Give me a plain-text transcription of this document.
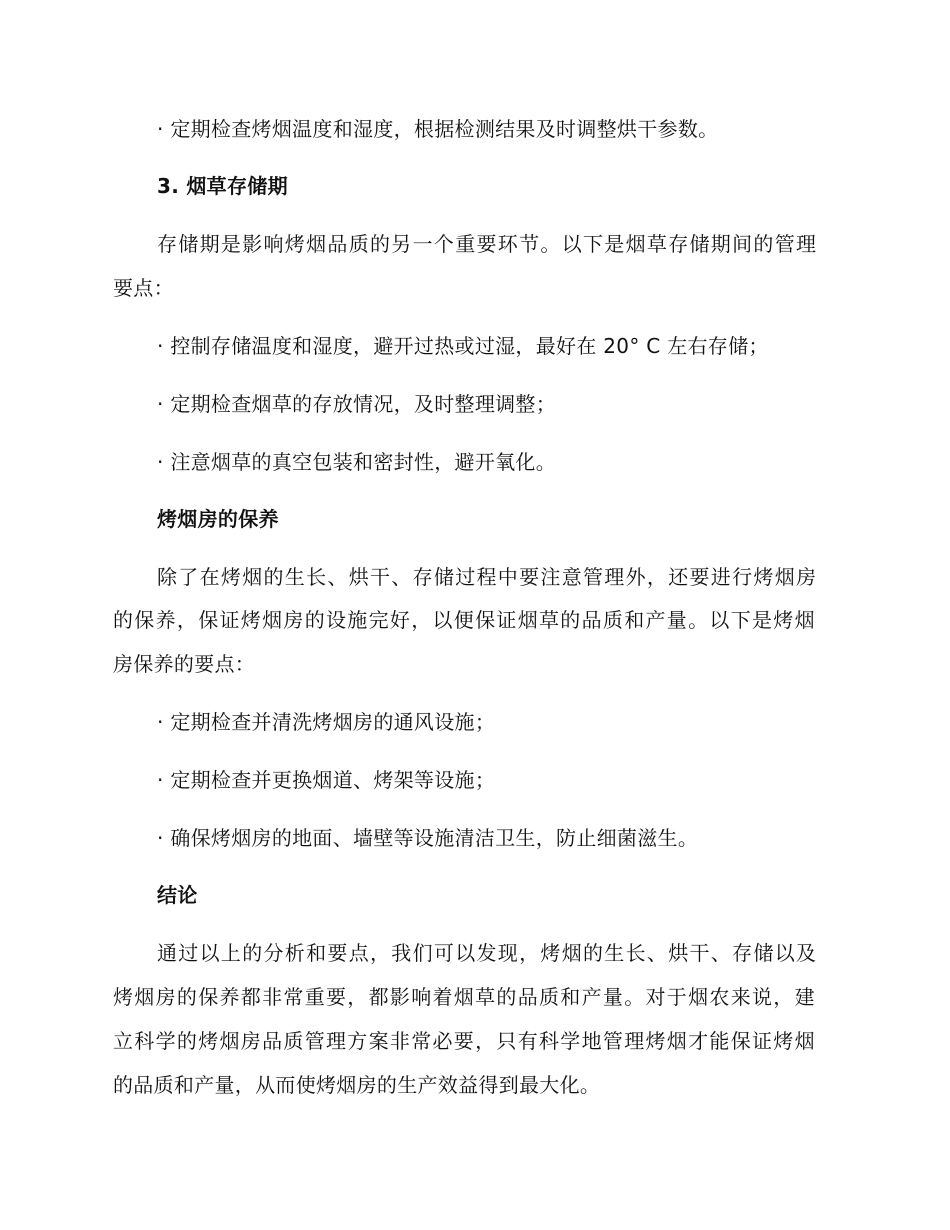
· 定期检查烤烟温度和湿度，根据检测结果及时调整烘干参数。
3. 烟草存储期
存储期是影响烤烟品质的另一个重要环节。以下是烟草存储期间的管理
要点：
· 控制存储温度和湿度，避开过热或过湿，最好在 20° C 左右存储；
· 定期检查烟草的存放情况，及时整理调整；
· 注意烟草的真空包装和密封性，避开氧化。
烤烟房的保养
除了在烤烟的生长、烘干、存储过程中要注意管理外，还要进行烤烟房
的保养，保证烤烟房的设施完好，以便保证烟草的品质和产量。以下是烤烟
房保养的要点：
· 定期检查并清洗烤烟房的通风设施；
· 定期检查并更换烟道、烤架等设施；
· 确保烤烟房的地面、墙壁等设施清洁卫生，防止细菌滋生。
结论
通过以上的分析和要点，我们可以发现，烤烟的生长、烘干、存储以及
烤烟房的保养都非常重要，都影响着烟草的品质和产量。对于烟农来说，建
立科学的烤烟房品质管理方案非常必要，只有科学地管理烤烟才能保证烤烟
的品质和产量，从而使烤烟房的生产效益得到最大化。
